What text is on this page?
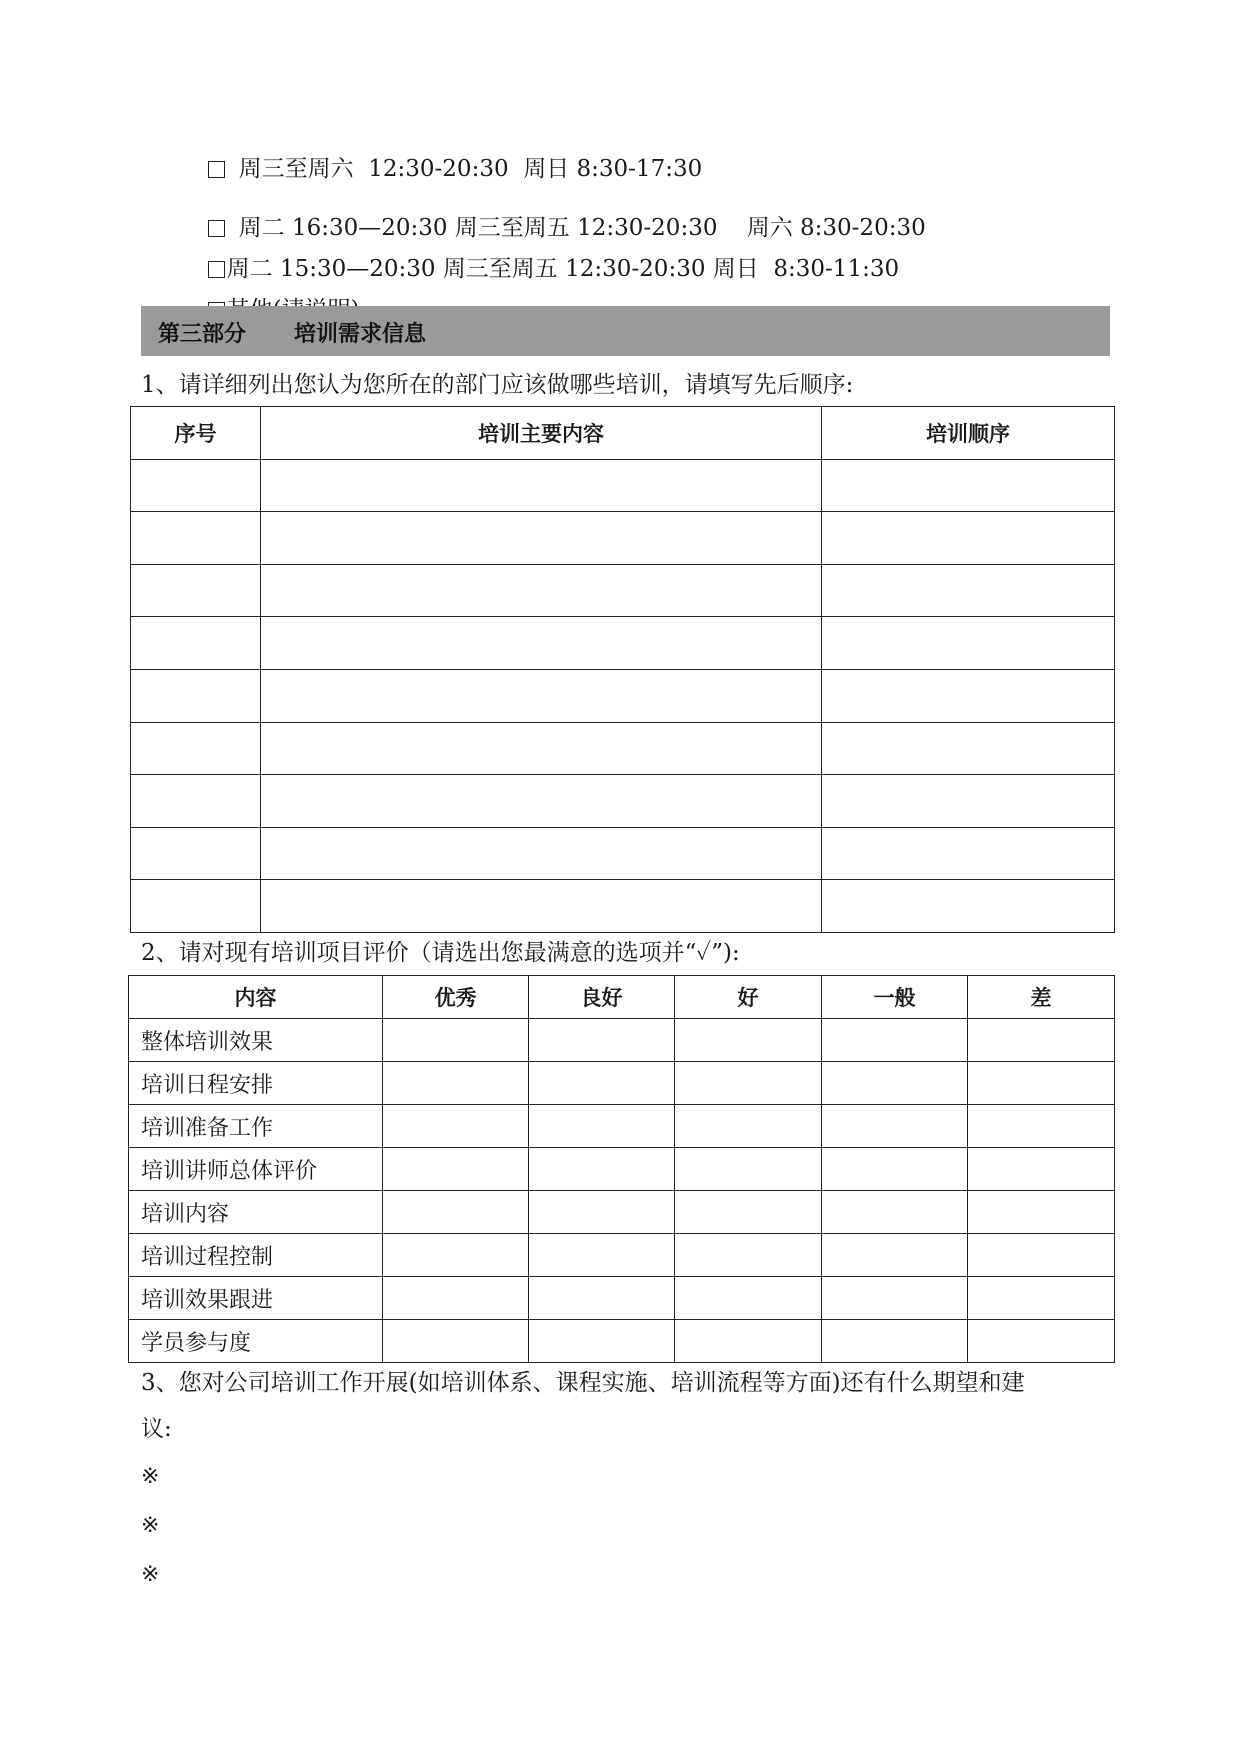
周三至周六  12:30-20:30  周日 8:30-17:30

周二 16:30—20:30 周三至周五 12:30-20:30    周六 8:30-20:30

周二 15:30—20:30 周三至周五 12:30-20:30 周日  8:30-11:30

第三部分 培训需求信息
1、请详细列出您认为您所在的部门应该做哪些培训，请填写先后顺序:
序号	培训主要内容	培训顺序

2、请对现有培训项目评价（请选出您最满意的选项并“✓”):
内容	优秀	良好	好	一般	差
整体培训效果					
培训日程安排					
培训准备工作					
培训讲师总体评价					
培训内容					
培训过程控制					
培训效果跟进					
学员参与度					
3、您对公司培训工作开展(如培训体系、课程实施、培训流程等方面)还有什么期望和建
议:
※
※
※
